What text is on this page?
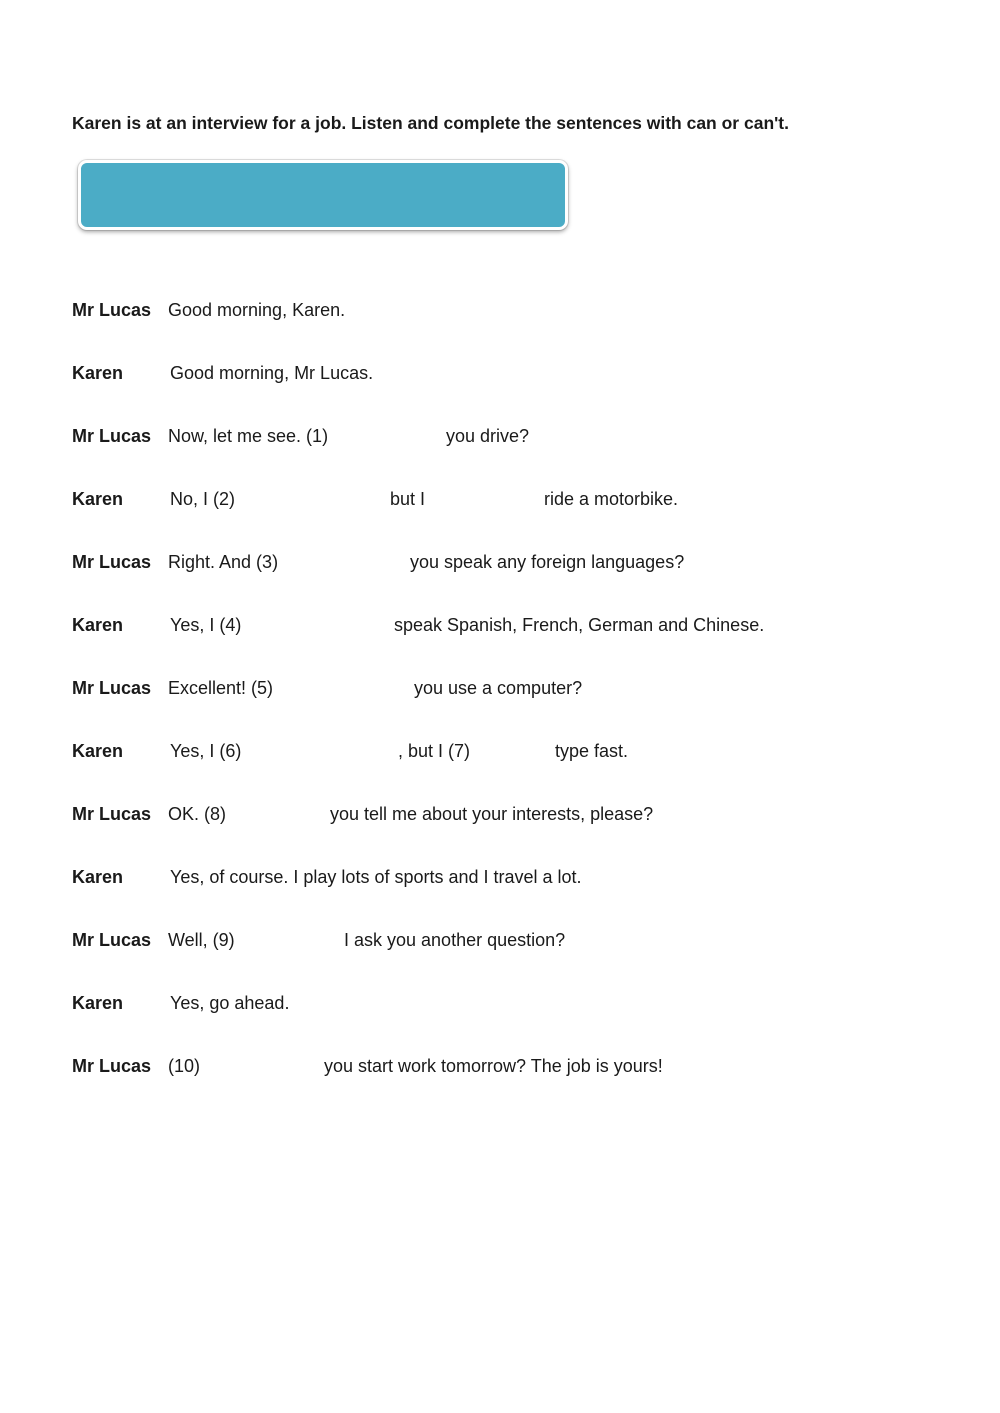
Karen is at an interview for a job. Listen and complete the sentences with can or can't.
Mr Lucas Good morning, Karen.
Karen	Good morning, Mr Lucas.
Mr Lucas Now, let me see. (1)	you drive?
Karen	No, I (2)	but I	ride a motorbike.
Mr Lucas Right. And (3)	you speak any foreign languages?
Karen	Yes, I (4)	speak Spanish, French, German and Chinese.
Mr Lucas Excellent! (5)	you use a computer?
Karen	Yes, I (6)	, but I (7)	type fast.
Mr Lucas OK. (8)	you tell me about your interests, please?
Karen	Yes, of course. I play lots of sports and I travel a lot.
Mr Lucas Well, (9)	I ask you another question?
Karen	Yes, go ahead.
Mr Lucas (10)	you start work tomorrow? The job is yours!
